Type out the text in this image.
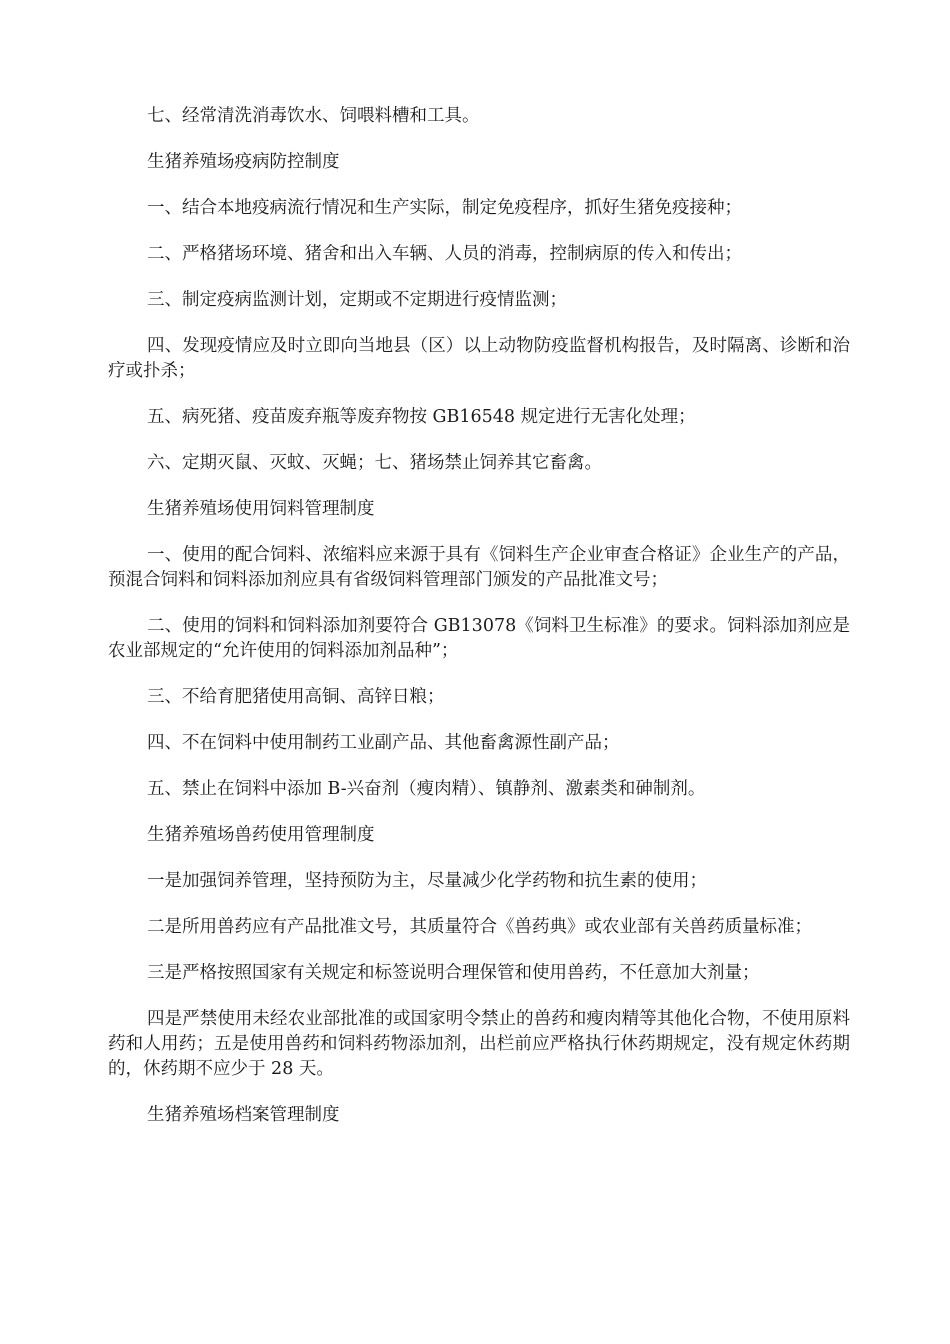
七、经常清洗消毒饮水、饲喂料槽和工具。

生猪养殖场疫病防控制度

一、结合本地疫病流行情况和生产实际，制定免疫程序，抓好生猪免疫接种；

二、严格猪场环境、猪舍和出入车辆、人员的消毒，控制病原的传入和传出；

三、制定疫病监测计划，定期或不定期进行疫情监测；

四、发现疫情应及时立即向当地县（区）以上动物防疫监督机构报告，及时隔离、诊断和治疗或扑杀；

五、病死猪、疫苗废弃瓶等废弃物按 GB16548 规定进行无害化处理；

六、定期灭鼠、灭蚊、灭蝇；七、猪场禁止饲养其它畜禽。

生猪养殖场使用饲料管理制度

一、使用的配合饲料、浓缩料应来源于具有《饲料生产企业审查合格证》企业生产的产品，预混合饲料和饲料添加剂应具有省级饲料管理部门颁发的产品批准文号；

二、使用的饲料和饲料添加剂要符合 GB13078《饲料卫生标准》的要求。饲料添加剂应是农业部规定的“允许使用的饲料添加剂品种”；

三、不给育肥猪使用高铜、高锌日粮；

四、不在饲料中使用制药工业副产品、其他畜禽源性副产品；

五、禁止在饲料中添加 B-兴奋剂（瘦肉精）、镇静剂、激素类和砷制剂。

生猪养殖场兽药使用管理制度

一是加强饲养管理，坚持预防为主，尽量减少化学药物和抗生素的使用；

二是所用兽药应有产品批准文号，其质量符合《兽药典》或农业部有关兽药质量标准；

三是严格按照国家有关规定和标签说明合理保管和使用兽药，不任意加大剂量；

四是严禁使用未经农业部批准的或国家明令禁止的兽药和瘦肉精等其他化合物，不使用原料药和人用药；五是使用兽药和饲料药物添加剂，出栏前应严格执行休药期规定，没有规定休药期的，休药期不应少于 28 天。

生猪养殖场档案管理制度
